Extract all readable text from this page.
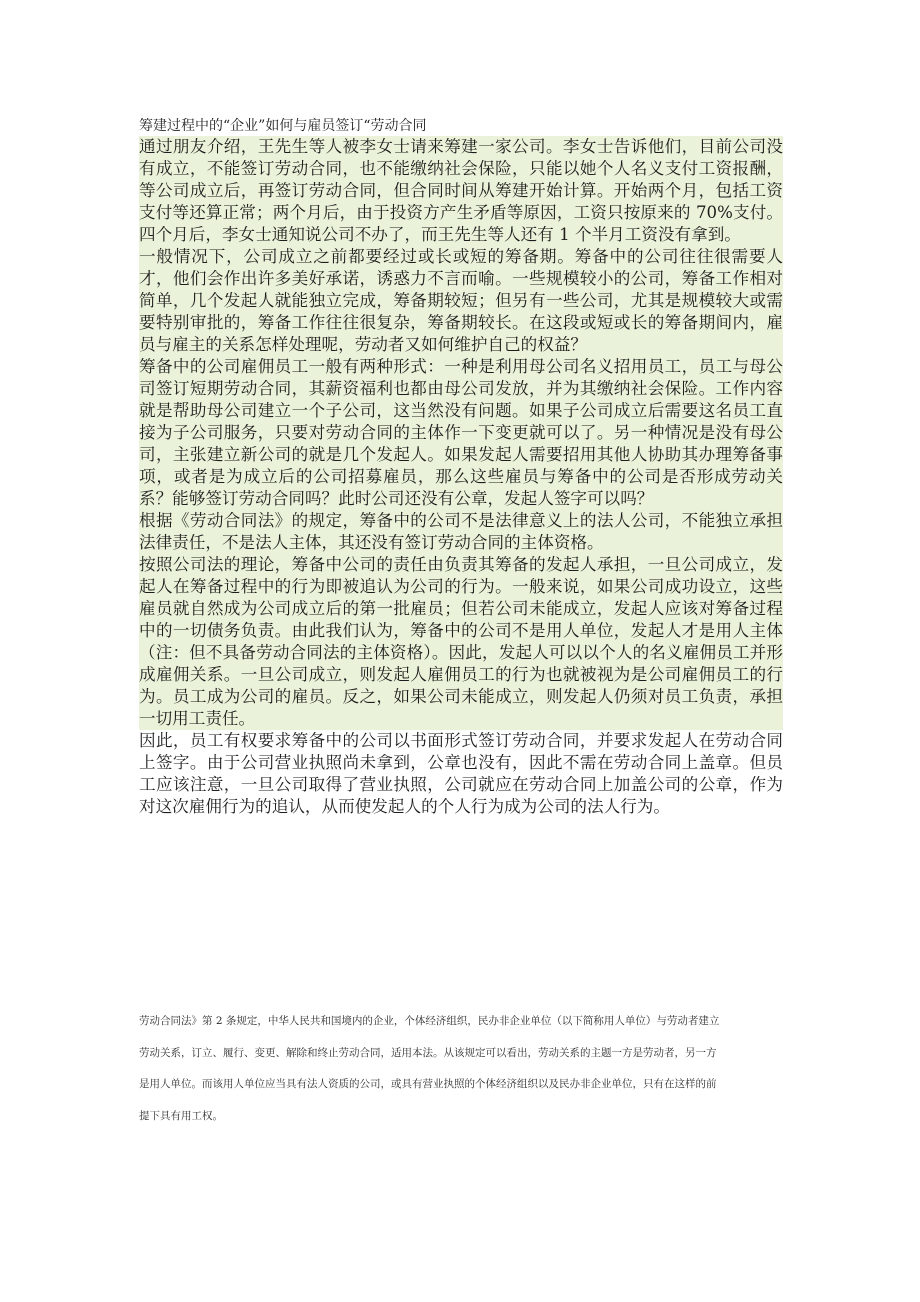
筹建过程中的“企业”如何与雇员签订“劳动合同

通过朋友介绍，王先生等人被李女士请来筹建一家公司。李女士告诉他们，目前公司没有成立，不能签订劳动合同，也不能缴纳社会保险，只能以她个人名义支付工资报酬，等公司成立后，再签订劳动合同，但合同时间从筹建开始计算。开始两个月，包括工资支付等还算正常；两个月后，由于投资方产生矛盾等原因，工资只按原来的 70%支付。四个月后，李女士通知说公司不办了，而王先生等人还有 1 个半月工资没有拿到。

一般情况下，公司成立之前都要经过或长或短的筹备期。筹备中的公司往往很需要人才，他们会作出许多美好承诺，诱惑力不言而喻。一些规模较小的公司，筹备工作相对简单，几个发起人就能独立完成，筹备期较短；但另有一些公司，尤其是规模较大或需要特别审批的，筹备工作往往很复杂，筹备期较长。在这段或短或长的筹备期间内，雇员与雇主的关系怎样处理呢，劳动者又如何维护自己的权益？

筹备中的公司雇佣员工一般有两种形式：一种是利用母公司名义招用员工，员工与母公司签订短期劳动合同，其薪资福利也都由母公司发放，并为其缴纳社会保险。工作内容就是帮助母公司建立一个子公司，这当然没有问题。如果子公司成立后需要这名员工直接为子公司服务，只要对劳动合同的主体作一下变更就可以了。另一种情况是没有母公司，主张建立新公司的就是几个发起人。如果发起人需要招用其他人协助其办理筹备事项，或者是为成立后的公司招募雇员，那么这些雇员与筹备中的公司是否形成劳动关系？能够签订劳动合同吗？此时公司还没有公章，发起人签字可以吗？

根据《劳动合同法》的规定，筹备中的公司不是法律意义上的法人公司，不能独立承担法律责任，不是法人主体，其还没有签订劳动合同的主体资格。

按照公司法的理论，筹备中公司的责任由负责其筹备的发起人承担，一旦公司成立，发起人在筹备过程中的行为即被追认为公司的行为。一般来说，如果公司成功设立，这些雇员就自然成为公司成立后的第一批雇员；但若公司未能成立，发起人应该对筹备过程中的一切债务负责。由此我们认为，筹备中的公司不是用人单位，发起人才是用人主体（注：但不具备劳动合同法的主体资格）。因此，发起人可以以个人的名义雇佣员工并形成雇佣关系。一旦公司成立，则发起人雇佣员工的行为也就被视为是公司雇佣员工的行为。员工成为公司的雇员。反之，如果公司未能成立，则发起人仍须对员工负责，承担一切用工责任。

因此，员工有权要求筹备中的公司以书面形式签订劳动合同，并要求发起人在劳动合同上签字。由于公司营业执照尚未拿到，公章也没有，因此不需在劳动合同上盖章。但员工应该注意，一旦公司取得了营业执照，公司就应在劳动合同上加盖公司的公章，作为对这次雇佣行为的追认，从而使发起人的个人行为成为公司的法人行为。

劳动合同法》第 2 条规定，中华人民共和国境内的企业，个体经济组织，民办非企业单位（以下简称用人单位）与劳动者建立
劳动关系，订立、履行、变更、解除和终止劳动合同，适用本法。从该规定可以看出，劳动关系的主题一方是劳动者，另一方
是用人单位。而该用人单位应当具有法人资质的公司，或具有营业执照的个体经济组织以及民办非企业单位，只有在这样的前
提下具有用工权。
